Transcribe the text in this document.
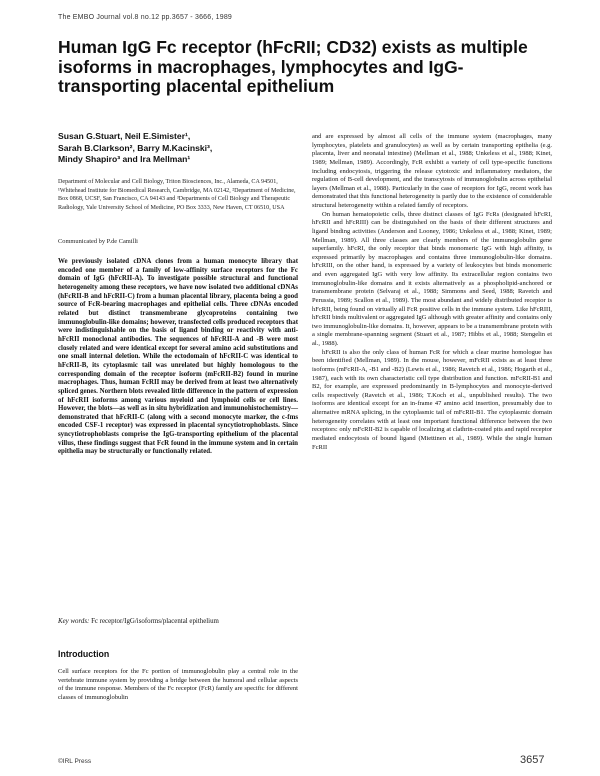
The EMBO Journal vol.8 no.12 pp.3657 - 3666, 1989
Human IgG Fc receptor (hFcRII; CD32) exists as multiple isoforms in macrophages, lymphocytes and IgG-transporting placental epithelium
Susan G.Stuart, Neil E.Simister¹,
Sarah B.Clarkson², Barry M.Kacinski³,
Mindy Shapiro³ and Ira Mellman¹
Department of Molecular and Cell Biology, Triton Biosciences, Inc., Alameda, CA 94501, ¹Whitehead Institute for Biomedical Research, Cambridge, MA 02142, ²Department of Medicine, Box 0868, UCSF, San Francisco, CA 94143 and ³Departments of Cell Biology and Therapeutic Radiology, Yale University School of Medicine, PO Box 3333, New Haven, CT 06510, USA
Communicated by P.de Camilli

We previously isolated cDNA clones from a human monocyte library that encoded one member of a family of low-affinity surface receptors for the Fc domain of IgG (hFcRII-A). To investigate possible structural and functional heterogeneity among these receptors, we have now isolated two additional cDNAs (hFcRII-B and hFcRII-C) from a human placental library, placenta being a good source of FcR-bearing macrophages and epithelial cells. Three cDNAs encoded related but distinct transmembrane glycoproteins containing two immunoglobulin-like domains; however, transfected cells produced receptors that were indistinguishable on the basis of ligand binding or reactivity with anti-hFcRII monoclonal antibodies. The sequences of hFcRII-A and -B were most closely related and were identical except for several amino acid substitutions and one small internal deletion. While the ectodomain of hFcRII-C was identical to hFcRII-B, its cytoplasmic tail was unrelated but highly homologous to the corresponding domain of the receptor isoform (mFcRII-B2) found in murine macrophages. Thus, human FcRII may be derived from at least two alternatively spliced genes. Northern blots revealed little difference in the pattern of expression of hFcRII isoforms among various myeloid and lymphoid cells or cell lines. However, the blots—as well as in situ hybridization and immunohistochemistry—demonstrated that hFcRII-C (along with a second monocyte marker, the c-fms encoded CSF-1 receptor) was expressed in placental syncytiotrophoblasts. Since syncytiotrophoblasts comprise the IgG-transporting epithelium of the placental villus, these findings suggest that FcR found in the immune system and in certain epithelia may be structurally or functionally related.

Key words: Fc receptor/IgG/isoforms/placental epithelium
Introduction

Cell surface receptors for the Fc portion of immunoglobulin play a central role in the vertebrate immune system by providing a bridge between the humoral and cellular aspects of the immune response. Members of the Fc receptor (FcR) family are specific for different classes of immunoglobulin

and are expressed by almost all cells of the immune system (macrophages, many lymphocytes, platelets and granulocytes) as well as by certain transporting epithelia (e.g. placenta, liver and neonatal intestine) (Mellman et al., 1988; Unkeless et al., 1988; Kinet, 1989; Mellman, 1989). Accordingly, FcR exhibit a variety of cell type-specific functions including endocytosis, triggering the release cytotoxic and inflammatory mediators, the regulation of B-cell development, and the transcytosis of immunoglobulin across epithelial layers (Mellman et al., 1988). Particularly in the case of receptors for IgG, recent work has demonstrated that this functional heterogeneity is partly due to the existence of considerable structural heterogeneity within a related family of receptors.

On human hematopoietic cells, three distinct classes of IgG FcRs (designated hFcRI, hFcRII and hFcRIII) can be distinguished on the basis of their different structures and ligand binding activities (Anderson and Looney, 1986; Unkeless et al., 1988; Kinet, 1989; Mellman, 1989). All three classes are clearly members of the immunoglobulin gene superfamily. hFcRI, the only receptor that binds monomeric IgG with high affinity, is expressed primarily by macrophages and contains three immunoglobulin-like domains. hFcRIII, on the other hand, is expressed by a variety of leukocytes but binds monomeric and even aggregated IgG with very low affinity. Its extracellular region contains two immunoglobulin-like domains and it exists alternatively as a phospholipid-anchored or transmembrane protein (Selvaraj et al., 1988; Simmons and Seed, 1988; Ravetch and Perussia, 1989; Scallon et al., 1989). The most abundant and widely distributed receptor is hFcRII, being found on virtually all FcR positive cells in the immune system. Like hFcRIII, hFcRII binds multivalent or aggregated IgG although with greater affinity and contains only two immunoglobulin-like domains. It, however, appears to be a transmembrane protein with a single membrane-spanning segment (Stuart et al., 1987; Hibbs et al., 1988; Stengelin et al., 1988).

hFcRII is also the only class of human FcR for which a clear murine homologue has been identified (Mellman, 1989). In the mouse, however, mFcRII exists as at least three isoforms (mFcRII-A, -B1 and -B2) (Lewis et al., 1986; Ravetch et al., 1986; Hogarth et al., 1987), each with its own characteristic cell type distribution and function. mFcRII-B1 and B2, for example, are expressed predominantly in B-lymphocytes and monocyte-derived cells respectively (Ravetch et al., 1986; T.Koch et al., unpublished results). The two isoforms are identical except for an in-frame 47 amino acid insertion, presumably due to alternative mRNA splicing, in the cytoplasmic tail of mFcRII-B1. The cytoplasmic domain heterogeneity correlates with at least one important functional difference between the two receptors: only mFcRII-B2 is capable of localizing at clathrin-coated pits and rapid receptor mediated endocytosis of bound ligand (Miettinen et al., 1989). While the single human FcRII

©IRL Press	3657
